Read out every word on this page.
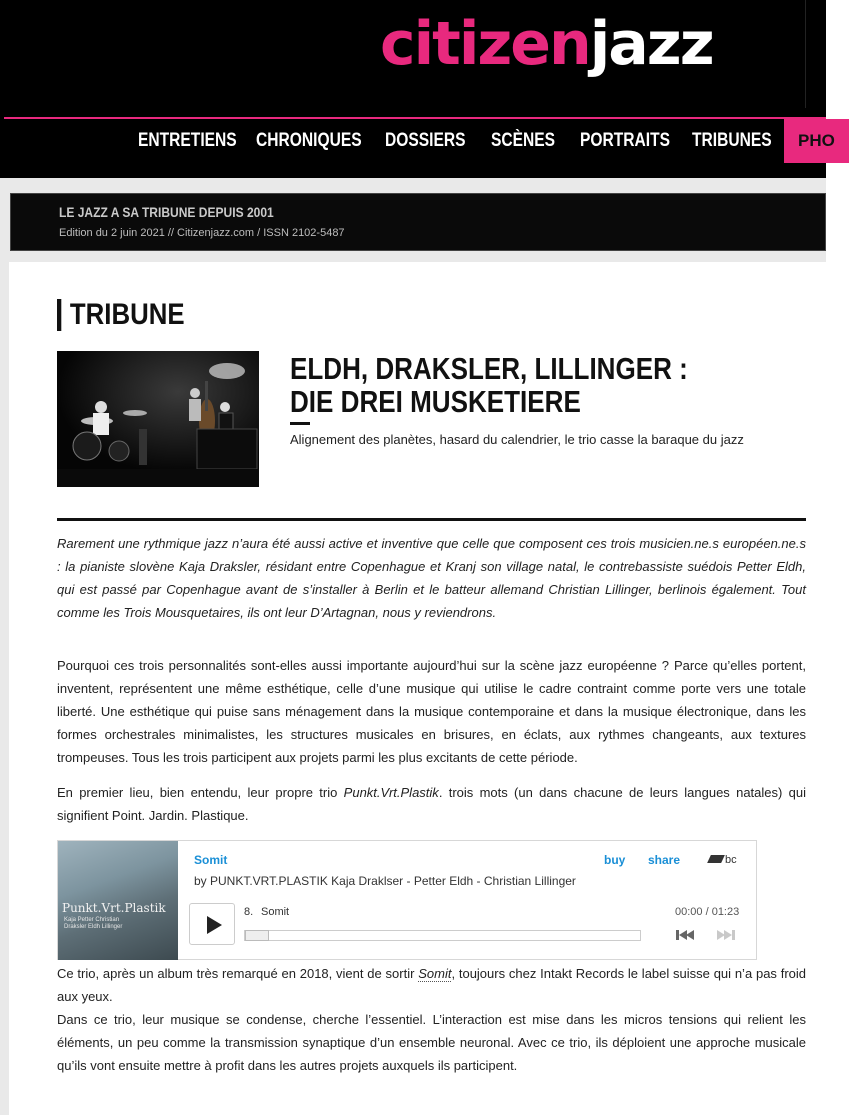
citizenjazz
ENTRETIENS CHRONIQUES DOSSIERS SCÈNES PORTRAITS TRIBUNES	PHO
LE JAZZ A SA TRIBUNE DEPUIS 2001
Edition du 2 juin 2021 // Citizenjazz.com / ISSN 2102-5487
TRIBUNE
ELDH, DRAKSLER, LILLINGER : DIE DREI MUSKETIERE
Alignement des planètes, hasard du calendrier, le trio casse la baraque du jazz
Rarement une rythmique jazz n’aura été aussi active et inventive que celle que composent ces trois musicien.ne.s européen.ne.s : la pianiste slovène Kaja Draksler, résidant entre Copenhague et Kranj son village natal, le contrebassiste suédois Petter Eldh, qui est passé par Copenhague avant de s’installer à Berlin et le batteur allemand Christian Lillinger, berlinois également. Tout comme les Trois Mousquetaires, ils ont leur D’Artagnan, nous y reviendrons.
Pourquoi ces trois personnalités sont-elles aussi importante aujourd’hui sur la scène jazz européenne ? Parce qu’elles portent, inventent, représentent une même esthétique, celle d’une musique qui utilise le cadre contraint comme porte vers une totale liberté. Une esthétique qui puise sans ménagement dans la musique contemporaine et dans la musique électronique, dans les formes orchestrales minimalistes, les structures musicales en brisures, en éclats, aux rythmes changeants, aux textures trompeuses. Tous les trois participent aux projets parmi les plus excitants de cette période.
En premier lieu, bien entendu, leur propre trio Punkt.Vrt.Plastik. trois mots (un dans chacune de leurs langues natales) qui signifient Point. Jardin. Plastique.
Punkt.Vrt.Plastik
Kaja Petter Christian
Draksler Eldh Lillinger
Somit
by PUNKT.VRT.PLASTIK Kaja Draklser - Petter Eldh - Christian Lillinger
buy share	bc
8. Somit	00:00 / 01:23
Ce trio, après un album très remarqué en 2018, vient de sortir Somit, toujours chez Intakt Records le label suisse qui n’a pas froid aux yeux.
Dans ce trio, leur musique se condense, cherche l’essentiel. L’interaction est mise dans les micros tensions qui relient les éléments, un peu comme la transmission synaptique d’un ensemble neuronal. Avec ce trio, ils déploient une approche musicale qu’ils vont ensuite mettre à profit dans les autres projets auxquels ils participent.
